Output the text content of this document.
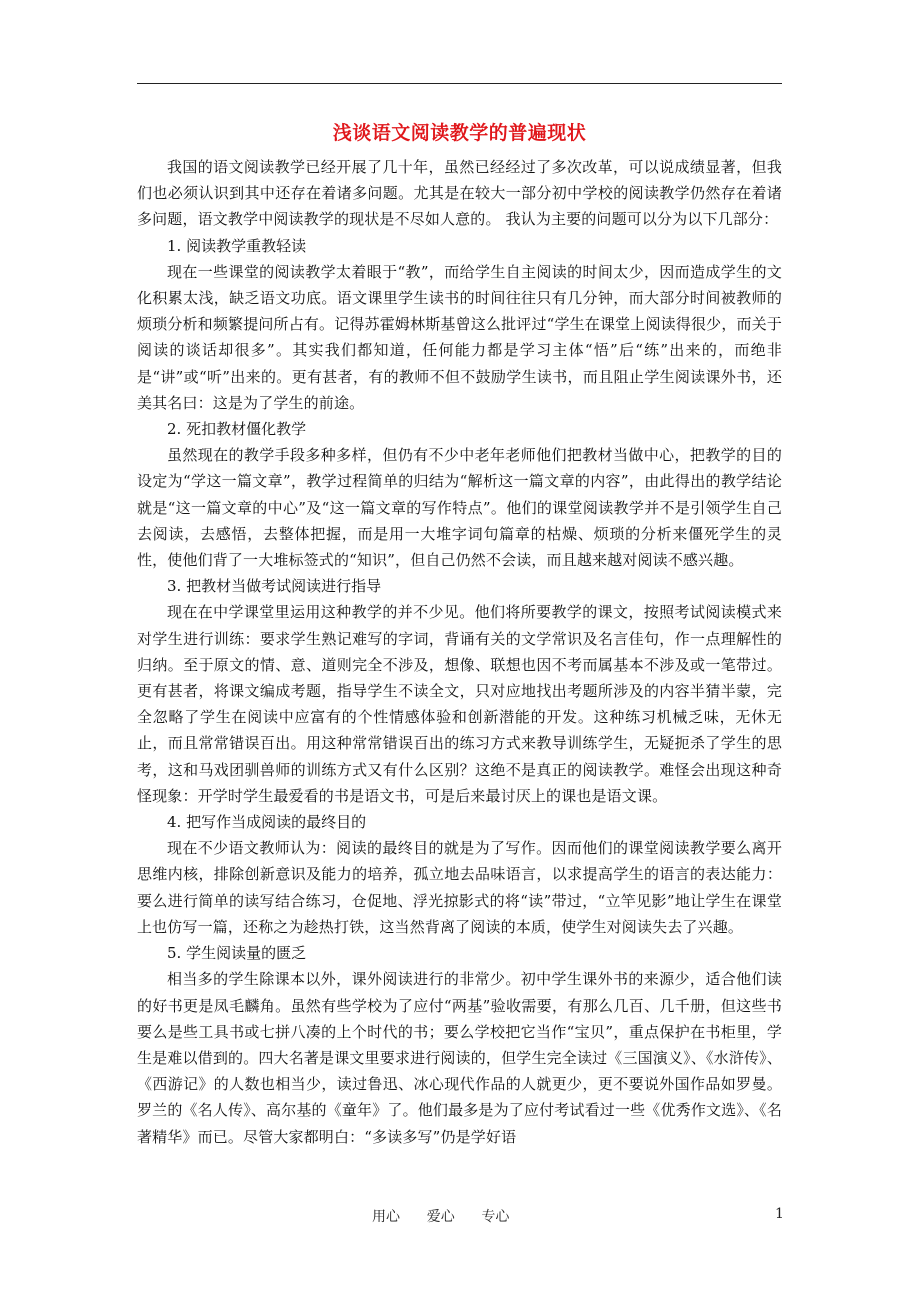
浅谈语文阅读教学的普遍现状

我国的语文阅读教学已经开展了几十年，虽然已经经过了多次改革，可以说成绩显著，但我们也必须认识到其中还存在着诸多问题。尤其是在较大一部分初中学校的阅读教学仍然存在着诸多问题，语文教学中阅读教学的现状是不尽如人意的。 我认为主要的问题可以分为以下几部分：

1. 阅读教学重教轻读

现在一些课堂的阅读教学太着眼于“教”，而给学生自主阅读的时间太少，因而造成学生的文化积累太浅，缺乏语文功底。语文课里学生读书的时间往往只有几分钟，而大部分时间被教师的烦琐分析和频繁提问所占有。记得苏霍姆林斯基曾这么批评过“学生在课堂上阅读得很少，而关于阅读的谈话却很多”。其实我们都知道，任何能力都是学习主体“悟”后“练”出来的，而绝非是“讲”或“听”出来的。更有甚者，有的教师不但不鼓励学生读书，而且阻止学生阅读课外书，还美其名曰：这是为了学生的前途。

2. 死扣教材僵化教学

虽然现在的教学手段多种多样，但仍有不少中老年老师他们把教材当做中心，把教学的目的设定为“学这一篇文章”，教学过程简单的归结为“解析这一篇文章的内容”，由此得出的教学结论就是“这一篇文章的中心”及“这一篇文章的写作特点”。他们的课堂阅读教学并不是引领学生自己去阅读，去感悟，去整体把握，而是用一大堆字词句篇章的枯燥、烦琐的分析来僵死学生的灵性，使他们背了一大堆标签式的“知识”，但自己仍然不会读，而且越来越对阅读不感兴趣。

3. 把教材当做考试阅读进行指导

现在在中学课堂里运用这种教学的并不少见。他们将所要教学的课文，按照考试阅读模式来对学生进行训练：要求学生熟记难写的字词，背诵有关的文学常识及名言佳句，作一点理解性的归纳。至于原文的情、意、道则完全不涉及，想像、联想也因不考而属基本不涉及或一笔带过。更有甚者，将课文编成考题，指导学生不读全文，只对应地找出考题所涉及的内容半猜半蒙，完全忽略了学生在阅读中应富有的个性情感体验和创新潜能的开发。这种练习机械乏味，无休无止，而且常常错误百出。用这种常常错误百出的练习方式来教导训练学生，无疑扼杀了学生的思考，这和马戏团驯兽师的训练方式又有什么区别？这绝不是真正的阅读教学。难怪会出现这种奇怪现象：开学时学生最爱看的书是语文书，可是后来最讨厌上的课也是语文课。

4. 把写作当成阅读的最终目的

现在不少语文教师认为：阅读的最终目的就是为了写作。因而他们的课堂阅读教学要么离开思维内核，排除创新意识及能力的培养，孤立地去品味语言，以求提高学生的语言的表达能力：要么进行简单的读写结合练习，仓促地、浮光掠影式的将“读”带过，“立竿见影”地让学生在课堂上也仿写一篇，还称之为趁热打铁，这当然背离了阅读的本质，使学生对阅读失去了兴趣。

5. 学生阅读量的匮乏

相当多的学生除课本以外，课外阅读进行的非常少。初中学生课外书的来源少，适合他们读的好书更是凤毛麟角。虽然有些学校为了应付“两基”验收需要，有那么几百、几千册，但这些书要么是些工具书或七拼八凑的上个时代的书；要么学校把它当作“宝贝”，重点保护在书柜里，学生是难以借到的。四大名著是课文里要求进行阅读的，但学生完全读过《三国演义》、《水浒传》、《西游记》的人数也相当少，读过鲁迅、冰心现代作品的人就更少，更不要说外国作品如罗曼。罗兰的《名人传》、高尔基的《童年》了。他们最多是为了应付考试看过一些《优秀作文选》、《名著精华》而已。尽管大家都明白：“多读多写”仍是学好语

用心      爱心      专心	1
